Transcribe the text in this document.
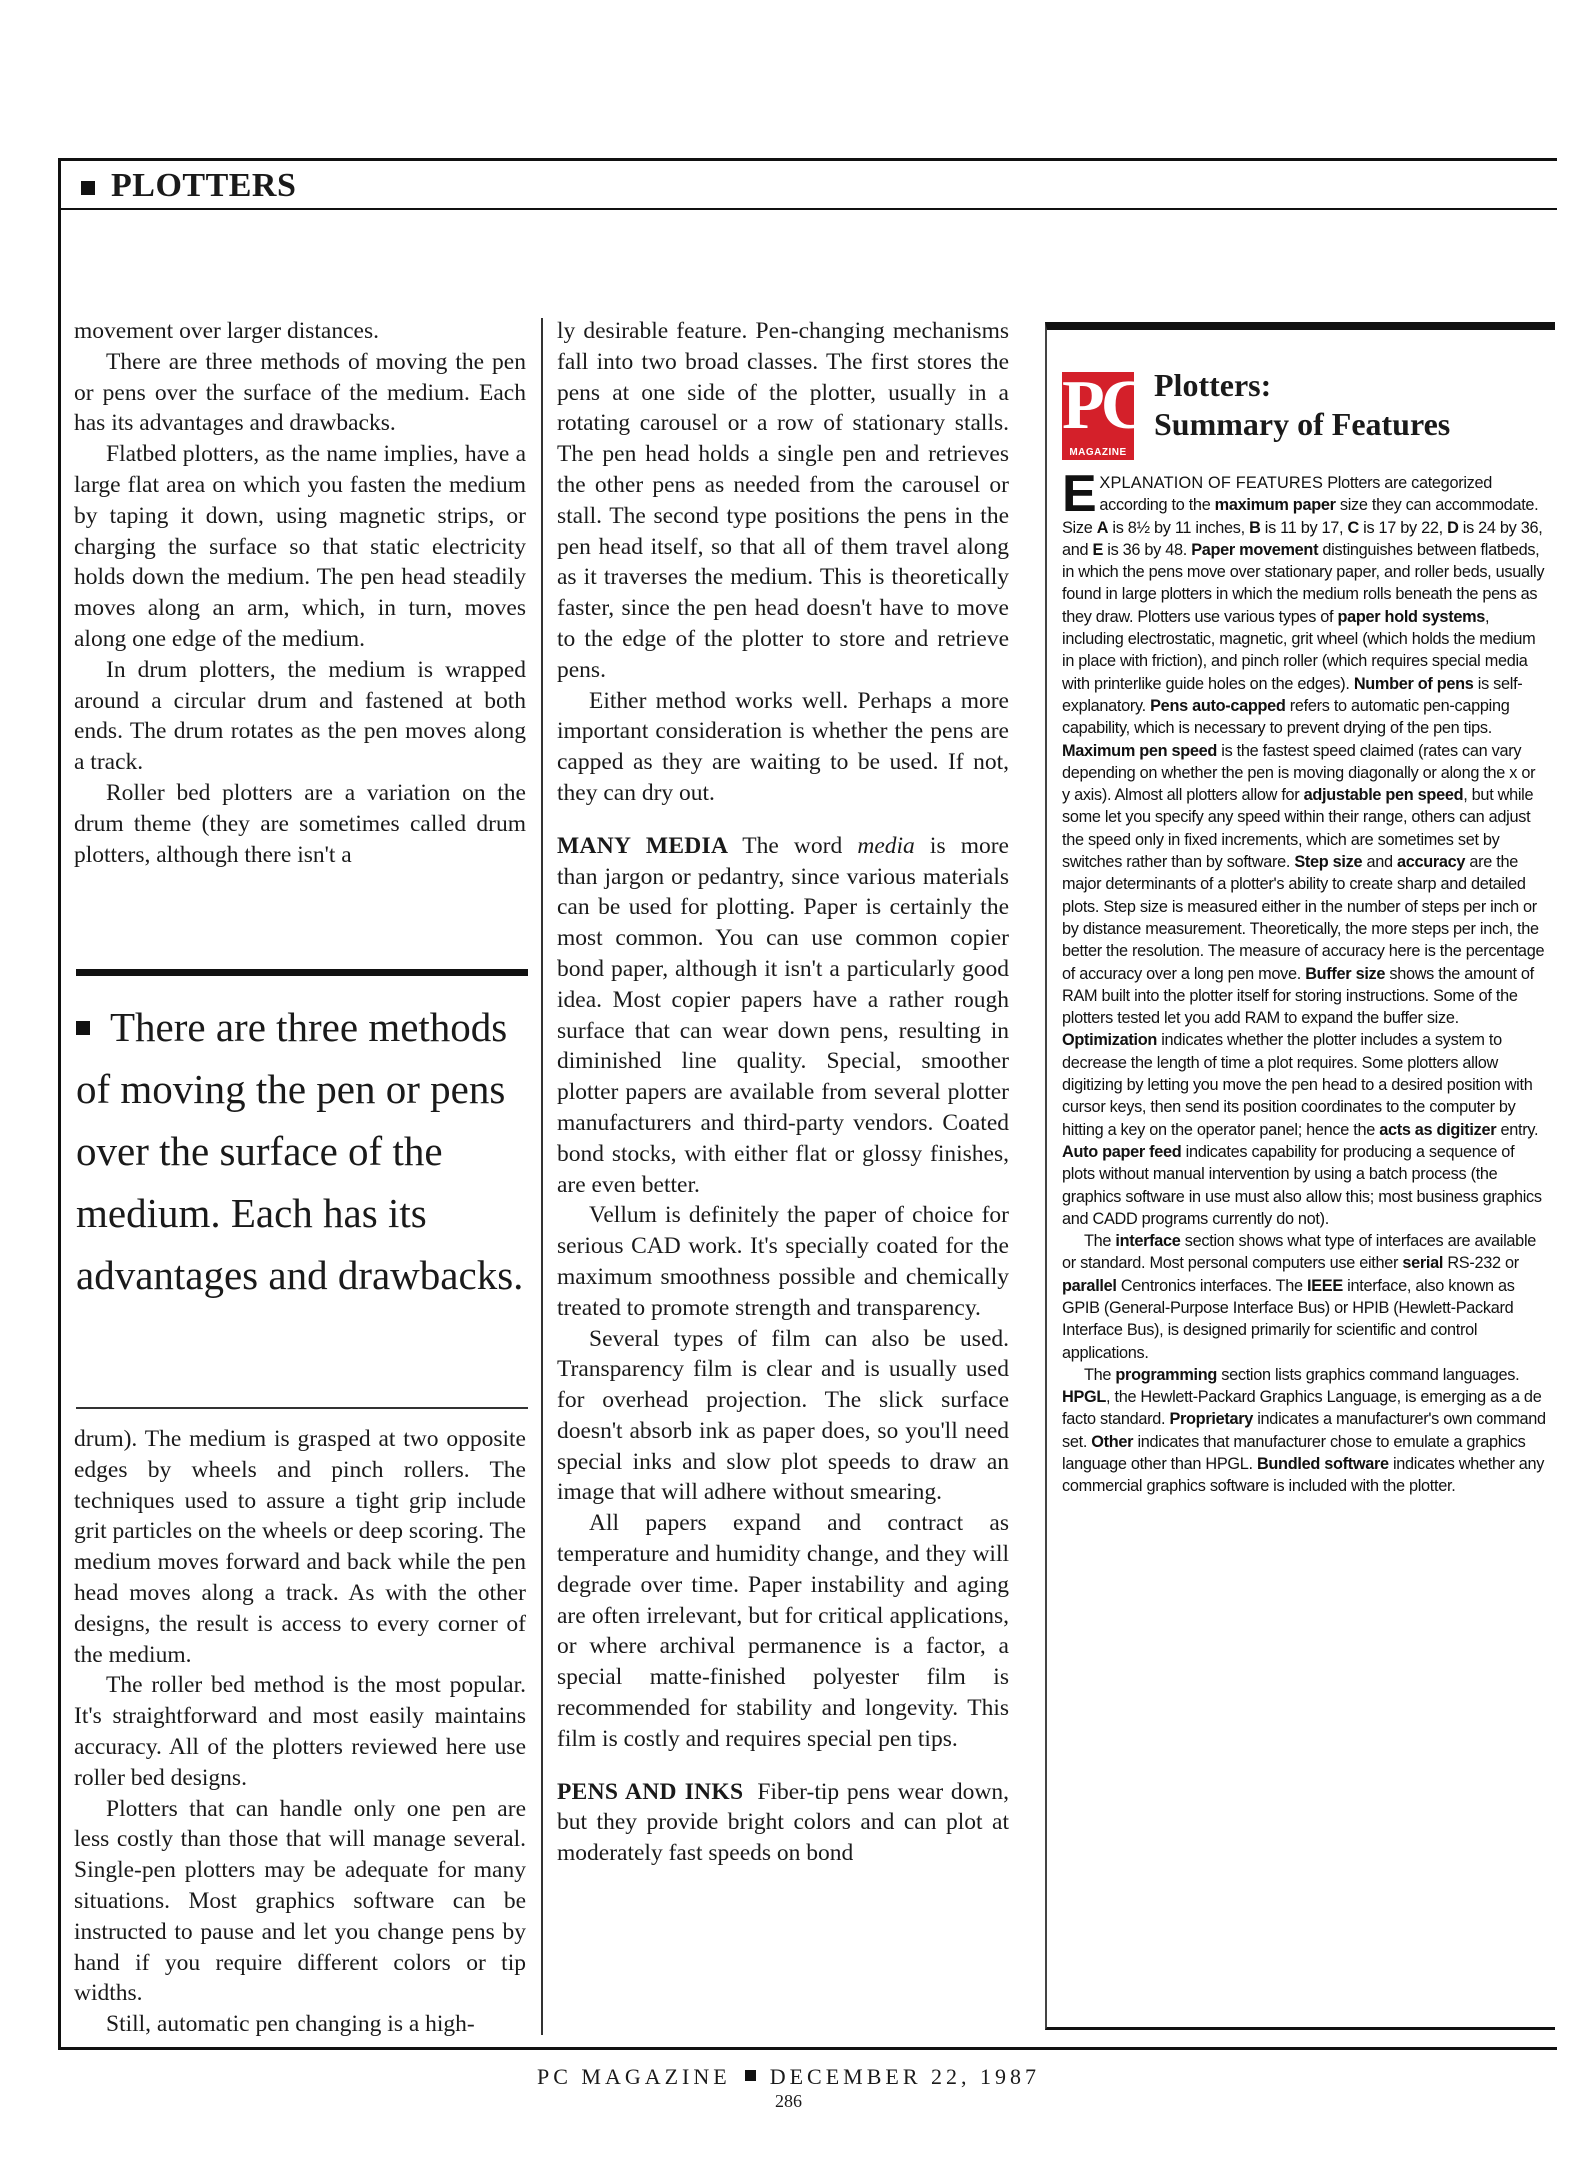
PLOTTERS

movement over larger distances.

There are three methods of moving the pen or pens over the surface of the medium. Each has its advantages and drawbacks.

Flatbed plotters, as the name implies, have a large flat area on which you fasten the medium by taping it down, using magnetic strips, or charging the surface so that static electricity holds down the medium. The pen head steadily moves along an arm, which, in turn, moves along one edge of the medium.

In drum plotters, the medium is wrapped around a circular drum and fastened at both ends. The drum rotates as the pen moves along a track.

Roller bed plotters are a variation on the drum theme (they are sometimes called drum plotters, although there isn't a

There are three methods of moving the pen or pens over the surface of the medium. Each has its advantages and drawbacks.

drum). The medium is grasped at two opposite edges by wheels and pinch rollers. The techniques used to assure a tight grip include grit particles on the wheels or deep scoring. The medium moves forward and back while the pen head moves along a track. As with the other designs, the result is access to every corner of the medium.

The roller bed method is the most popular. It's straightforward and most easily maintains accuracy. All of the plotters reviewed here use roller bed designs.

Plotters that can handle only one pen are less costly than those that will manage several. Single-pen plotters may be adequate for many situations. Most graphics software can be instructed to pause and let you change pens by hand if you require different colors or tip widths.

Still, automatic pen changing is a high-

ly desirable feature. Pen-changing mechanisms fall into two broad classes. The first stores the pens at one side of the plotter, usually in a rotating carousel or a row of stationary stalls. The pen head holds a single pen and retrieves the other pens as needed from the carousel or stall. The second type positions the pens in the pen head itself, so that all of them travel along as it traverses the medium. This is theoretically faster, since the pen head doesn't have to move to the edge of the plotter to store and retrieve pens.

Either method works well. Perhaps a more important consideration is whether the pens are capped as they are waiting to be used. If not, they can dry out.

MANY MEDIA The word media is more than jargon or pedantry, since various materials can be used for plotting. Paper is certainly the most common. You can use common copier bond paper, although it isn't a particularly good idea. Most copier papers have a rather rough surface that can wear down pens, resulting in diminished line quality. Special, smoother plotter papers are available from several plotter manufacturers and third-party vendors. Coated bond stocks, with either flat or glossy finishes, are even better.

Vellum is definitely the paper of choice for serious CAD work. It's specially coated for the maximum smoothness possible and chemically treated to promote strength and transparency.

Several types of film can also be used. Transparency film is clear and is usually used for overhead projection. The slick surface doesn't absorb ink as paper does, so you'll need special inks and slow plot speeds to draw an image that will adhere without smearing.

All papers expand and contract as temperature and humidity change, and they will degrade over time. Paper instability and aging are often irrelevant, but for critical applications, or where archival permanence is a factor, a special matte-finished polyester film is recommended for stability and longevity. This film is costly and requires special pen tips.

PENS AND INKS Fiber-tip pens wear down, but they provide bright colors and can plot at moderately fast speeds on bond

PC
MAGAZINE
Plotters:
Summary of Features

EXPLANATION OF FEATURES Plotters are categorized according to the maximum paper size they can accommodate. Size A is 8½ by 11 inches, B is 11 by 17, C is 17 by 22, D is 24 by 36, and E is 36 by 48. Paper movement distinguishes between flatbeds, in which the pens move over stationary paper, and roller beds, usually found in large plotters in which the medium rolls beneath the pens as they draw. Plotters use various types of paper hold systems, including electrostatic, magnetic, grit wheel (which holds the medium in place with friction), and pinch roller (which requires special media with printerlike guide holes on the edges). Number of pens is self-explanatory. Pens auto-capped refers to automatic pen-capping capability, which is necessary to prevent drying of the pen tips. Maximum pen speed is the fastest speed claimed (rates can vary depending on whether the pen is moving diagonally or along the x or y axis). Almost all plotters allow for adjustable pen speed, but while some let you specify any speed within their range, others can adjust the speed only in fixed increments, which are sometimes set by switches rather than by software. Step size and accuracy are the major determinants of a plotter's ability to create sharp and detailed plots. Step size is measured either in the number of steps per inch or by distance measurement. Theoretically, the more steps per inch, the better the resolution. The measure of accuracy here is the percentage of accuracy over a long pen move. Buffer size shows the amount of RAM built into the plotter itself for storing instructions. Some of the plotters tested let you add RAM to expand the buffer size. Optimization indicates whether the plotter includes a system to decrease the length of time a plot requires. Some plotters allow digitizing by letting you move the pen head to a desired position with cursor keys, then send its position coordinates to the computer by hitting a key on the operator panel; hence the acts as digitizer entry. Auto paper feed indicates capability for producing a sequence of plots without manual intervention by using a batch process (the graphics software in use must also allow this; most business graphics and CADD programs currently do not).

The interface section shows what type of interfaces are available or standard. Most personal computers use either serial RS-232 or parallel Centronics interfaces. The IEEE interface, also known as GPIB (General-Purpose Interface Bus) or HPIB (Hewlett-Packard Interface Bus), is designed primarily for scientific and control applications.

The programming section lists graphics command languages. HPGL, the Hewlett-Packard Graphics Language, is emerging as a de facto standard. Proprietary indicates a manufacturer's own command set. Other indicates that manufacturer chose to emulate a graphics language other than HPGL. Bundled software indicates whether any commercial graphics software is included with the plotter.

PC MAGAZINE DECEMBER 22, 1987
286
